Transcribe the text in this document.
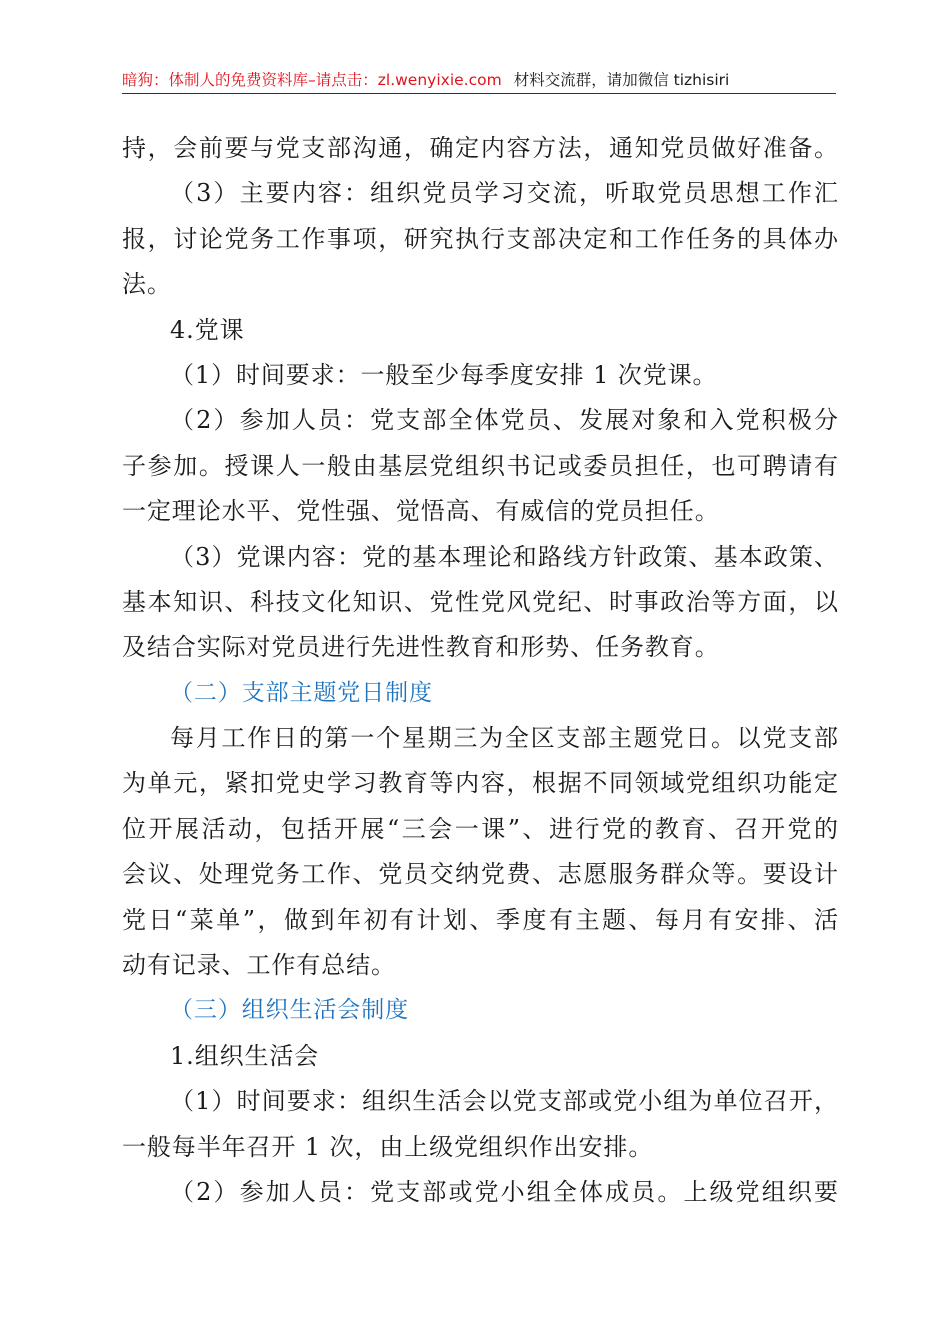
暗狗：体制人的免费资料库–请点击：zl.wenyixie.com 材料交流群，请加微信 tizhisiri
持，会前要与党支部沟通，确定内容方法，通知党员做好准备。
（3）主要内容：组织党员学习交流，听取党员思想工作汇
报，讨论党务工作事项，研究执行支部决定和工作任务的具体办
法。
4.党课
（1）时间要求：一般至少每季度安排 1 次党课。
（2）参加人员：党支部全体党员、发展对象和入党积极分
子参加。授课人一般由基层党组织书记或委员担任，也可聘请有
一定理论水平、党性强、觉悟高、有威信的党员担任。
（3）党课内容：党的基本理论和路线方针政策、基本政策、
基本知识、科技文化知识、党性党风党纪、时事政治等方面，以
及结合实际对党员进行先进性教育和形势、任务教育。
（二）支部主题党日制度
每月工作日的第一个星期三为全区支部主题党日。以党支部
为单元，紧扣党史学习教育等内容，根据不同领域党组织功能定
位开展活动，包括开展“三会一课”、进行党的教育、召开党的
会议、处理党务工作、党员交纳党费、志愿服务群众等。要设计
党日“菜单”，做到年初有计划、季度有主题、每月有安排、活
动有记录、工作有总结。
（三）组织生活会制度
1.组织生活会
（1）时间要求：组织生活会以党支部或党小组为单位召开，
一般每半年召开 1 次，由上级党组织作出安排。
（2）参加人员：党支部或党小组全体成员。上级党组织要
